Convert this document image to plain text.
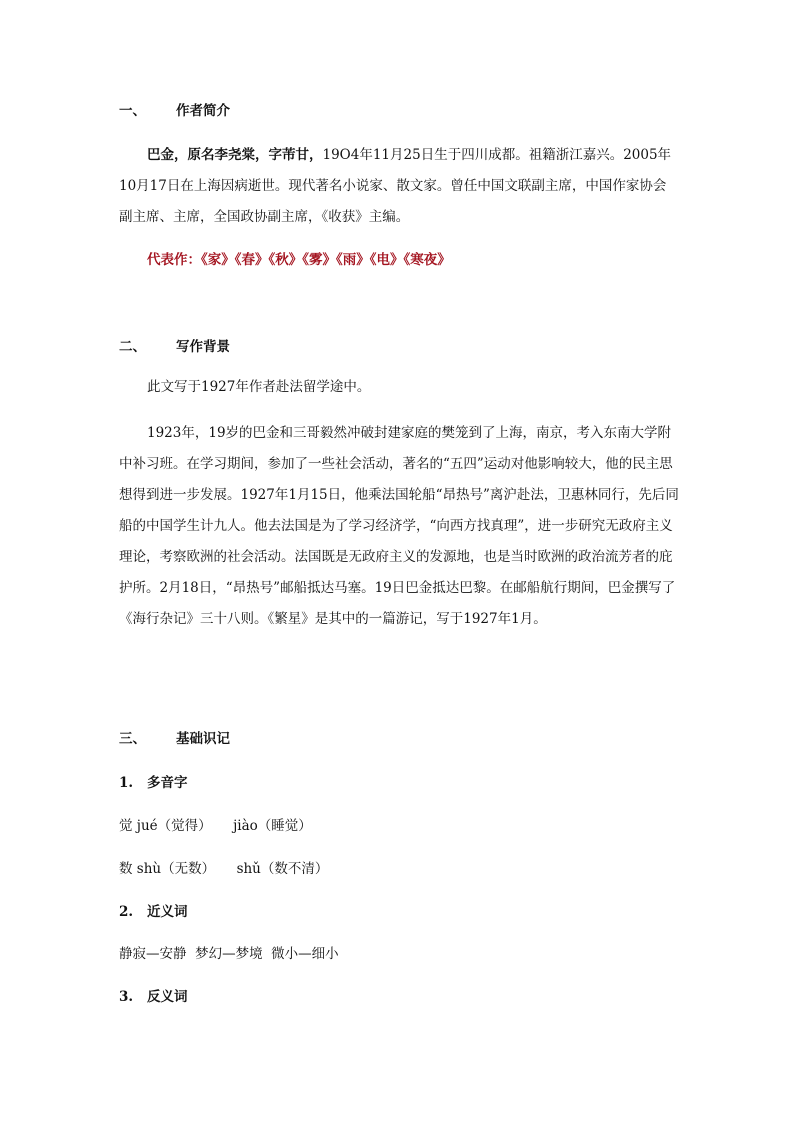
一、 作者简介
巴金，原名李尧棠，字芾甘，19O4年11月25日生于四川成都。祖籍浙江嘉兴。2005年10月17日在上海因病逝世。现代著名小说家、散文家。曾任中国文联副主席，中国作家协会副主席、主席，全国政协副主席，《收获》主编。
代表作：《家》《春》《秋》《雾》《雨》《电》《寒夜》
二、 写作背景
此文写于1927年作者赴法留学途中。
1923年，19岁的巴金和三哥毅然冲破封建家庭的樊笼到了上海，南京，考入东南大学附中补习班。在学习期间，参加了一些社会活动，著名的“五四”运动对他影响较大，他的民主思想得到进一步发展。1927年1月15日，他乘法国轮船“昂热号”离沪赴法，卫惠林同行，先后同船的中国学生计九人。他去法国是为了学习经济学，“向西方找真理”，进一步研究无政府主义理论，考察欧洲的社会活动。法国既是无政府主义的发源地，也是当时欧洲的政治流芳者的庇护所。2月18日，“昂热号”邮船抵达马塞。19日巴金抵达巴黎。在邮船航行期间，巴金撰写了《海行杂记》三十八则。《繁星》是其中的一篇游记，写于1927年1月。
三、 基础识记
1. 多音字
觉 jué（觉得）     jiào（睡觉）
数 shù（无数）     shǔ（数不清）
2. 近义词
静寂—安静  梦幻—梦境  微小—细小
3. 反义词
